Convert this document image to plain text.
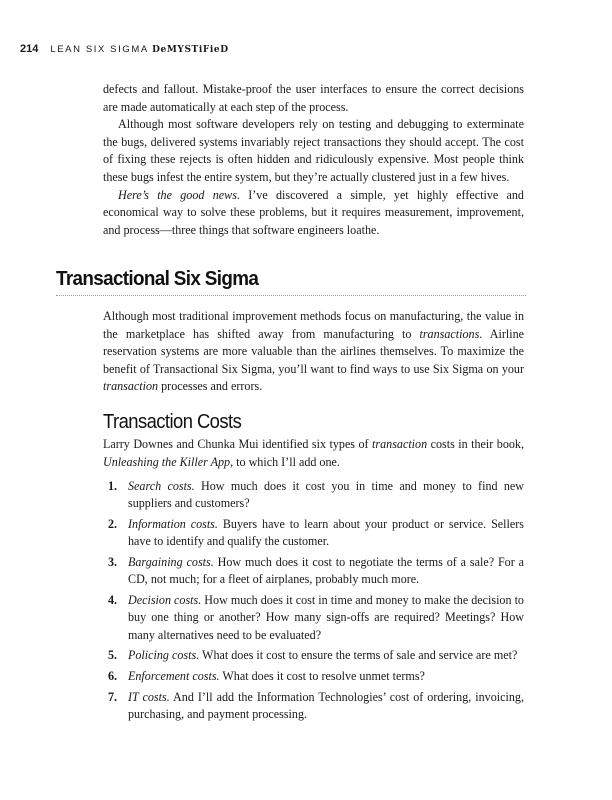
214 LEAN SIX SIGMA DeMYSTiFieD

defects and fallout. Mistake-proof the user interfaces to ensure the correct decisions are made automatically at each step of the process.

Although most software developers rely on testing and debugging to exterminate the bugs, delivered systems invariably reject transactions they should accept. The cost of fixing these rejects is often hidden and ridiculously expensive. Most people think these bugs infest the entire system, but they’re actually clustered just in a few hives.

Here’s the good news. I’ve discovered a simple, yet highly effective and economical way to solve these problems, but it requires measurement, improvement, and process—three things that software engineers loathe.

Transactional Six Sigma

Although most traditional improvement methods focus on manufacturing, the value in the marketplace has shifted away from manufacturing to transactions. Airline reservation systems are more valuable than the airlines themselves. To maximize the benefit of Transactional Six Sigma, you’ll want to find ways to use Six Sigma on your transaction processes and errors.

Transaction Costs

Larry Downes and Chunka Mui identified six types of transaction costs in their book, Unleashing the Killer App, to which I’ll add one.

1. Search costs. How much does it cost you in time and money to find new suppliers and customers?
2. Information costs. Buyers have to learn about your product or service. Sellers have to identify and qualify the customer.
3. Bargaining costs. How much does it cost to negotiate the terms of a sale? For a CD, not much; for a fleet of airplanes, probably much more.
4. Decision costs. How much does it cost in time and money to make the decision to buy one thing or another? How many sign-offs are required? Meetings? How many alternatives need to be evaluated?
5. Policing costs. What does it cost to ensure the terms of sale and service are met?
6. Enforcement costs. What does it cost to resolve unmet terms?
7. IT costs. And I’ll add the Information Technologies’ cost of ordering, invoicing, purchasing, and payment processing.
